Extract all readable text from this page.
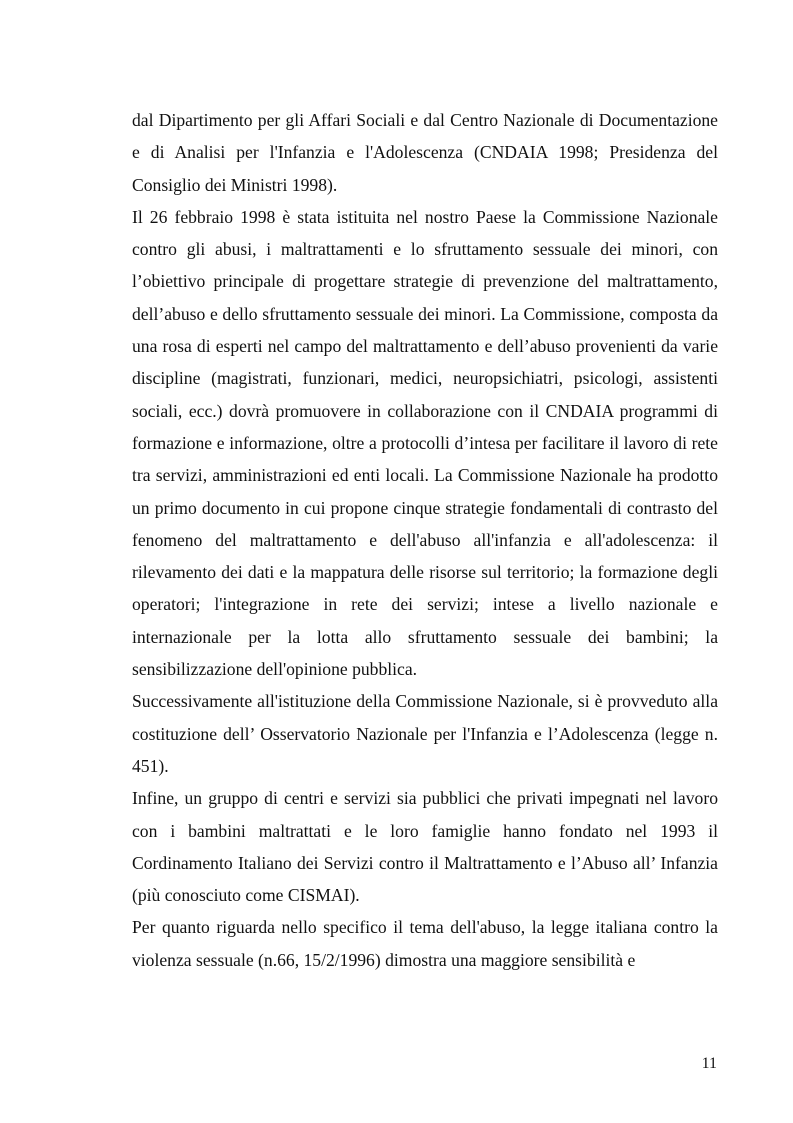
dal Dipartimento per gli Affari Sociali e dal Centro Nazionale di Documentazione e di Analisi per l'Infanzia e l'Adolescenza (CNDAIA 1998; Presidenza del Consiglio dei Ministri 1998).

Il 26 febbraio 1998 è stata istituita nel nostro Paese la Commissione Nazionale contro gli abusi, i maltrattamenti e lo sfruttamento sessuale dei minori, con l’obiettivo principale di progettare strategie di prevenzione del maltrattamento, dell’abuso e dello sfruttamento sessuale dei minori. La Commissione, composta da una rosa di esperti nel campo del maltrattamento e dell’abuso provenienti da varie discipline (magistrati, funzionari, medici, neuropsichiatri, psicologi, assistenti sociali, ecc.) dovrà promuovere in collaborazione con il CNDAIA programmi di formazione e informazione, oltre a protocolli d’intesa per facilitare il lavoro di rete tra servizi, amministrazioni ed enti locali. La Commissione Nazionale ha prodotto un primo documento in cui propone cinque strategie fondamentali di contrasto del fenomeno del maltrattamento e dell'abuso all'infanzia e all'adolescenza: il rilevamento dei dati e la mappatura delle risorse sul territorio; la formazione degli operatori; l'integrazione in rete dei servizi; intese a livello nazionale e internazionale per la lotta allo sfruttamento sessuale dei bambini; la sensibilizzazione dell'opinione pubblica.

Successivamente all'istituzione della Commissione Nazionale, si è provveduto alla costituzione dell’ Osservatorio Nazionale per l'Infanzia e l’Adolescenza (legge n. 451).

Infine, un gruppo di centri e servizi sia pubblici che privati impegnati nel lavoro con i bambini maltrattati e le loro famiglie hanno fondato nel 1993 il Cordinamento Italiano dei Servizi contro il Maltrattamento e l’Abuso all’ Infanzia (più conosciuto come CISMAI).

Per quanto riguarda nello specifico il tema dell'abuso, la legge italiana contro la violenza sessuale (n.66, 15/2/1996) dimostra una maggiore sensibilità e

11
